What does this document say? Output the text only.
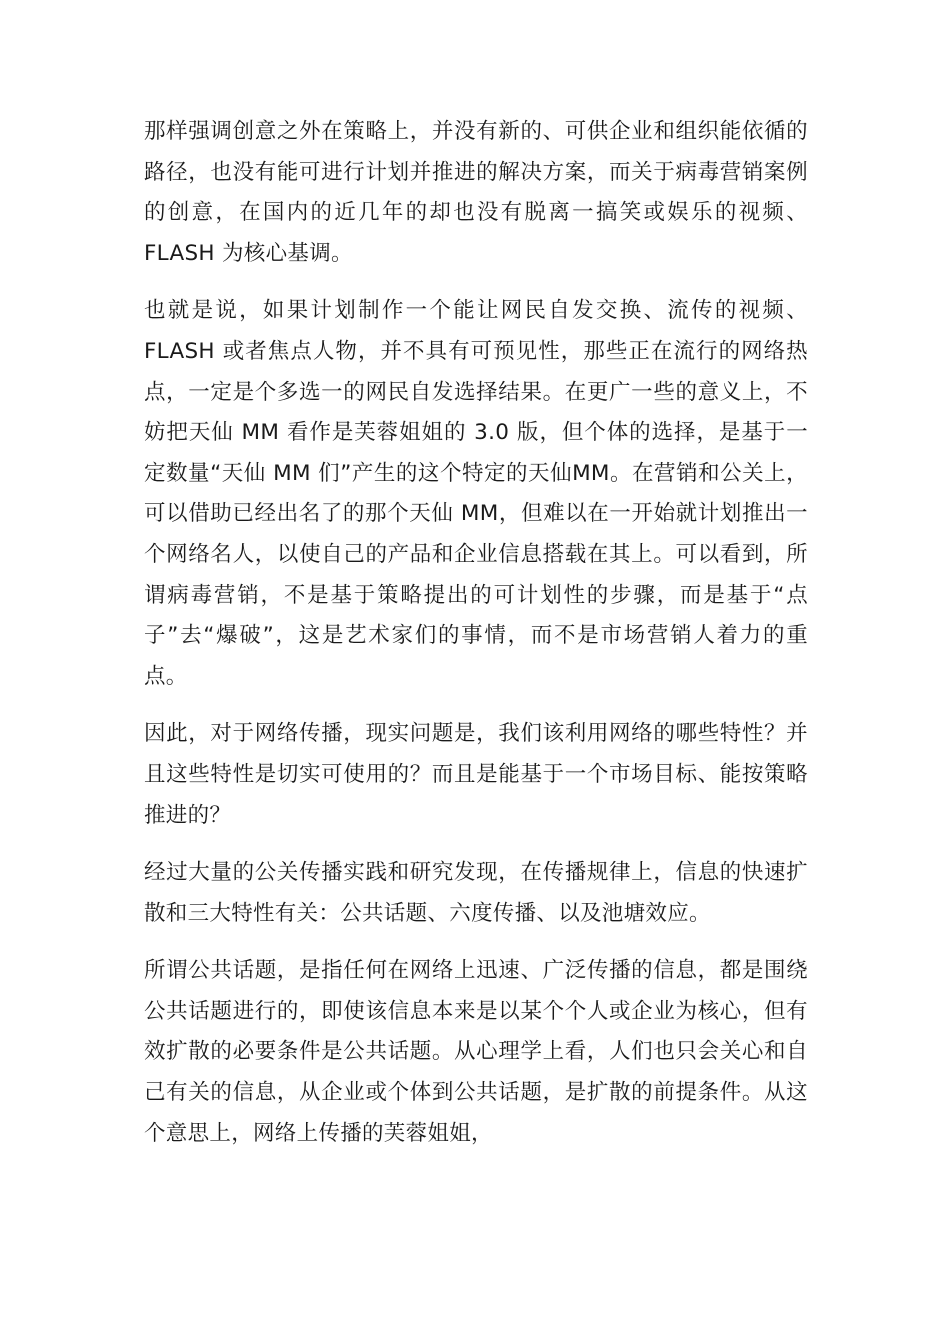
那样强调创意之外在策略上，并没有新的、可供企业和组织能依循的路径，也没有能可进行计划并推进的解决方案，而关于病毒营销案例的创意，在国内的近几年的却也没有脱离一搞笑或娱乐的视频、FLASH 为核心基调。

也就是说，如果计划制作一个能让网民自发交换、流传的视频、FLASH 或者焦点人物，并不具有可预见性，那些正在流行的网络热点，一定是个多选一的网民自发选择结果。在更广一些的意义上，不妨把天仙 MM 看作是芙蓉姐姐的 3.0 版，但个体的选择，是基于一定数量“天仙 MM 们”产生的这个特定的天仙MM。在营销和公关上，可以借助已经出名了的那个天仙 MM，但难以在一开始就计划推出一个网络名人，以使自己的产品和企业信息搭载在其上。可以看到，所谓病毒营销，不是基于策略提出的可计划性的步骤，而是基于“点子”去“爆破”，这是艺术家们的事情，而不是市场营销人着力的重点。

因此，对于网络传播，现实问题是，我们该利用网络的哪些特性？并且这些特性是切实可使用的？而且是能基于一个市场目标、能按策略推进的？

经过大量的公关传播实践和研究发现，在传播规律上，信息的快速扩散和三大特性有关：公共话题、六度传播、以及池塘效应。

所谓公共话题，是指任何在网络上迅速、广泛传播的信息，都是围绕公共话题进行的，即使该信息本来是以某个个人或企业为核心，但有效扩散的必要条件是公共话题。从心理学上看，人们也只会关心和自己有关的信息，从企业或个体到公共话题，是扩散的前提条件。从这个意思上，网络上传播的芙蓉姐姐，
